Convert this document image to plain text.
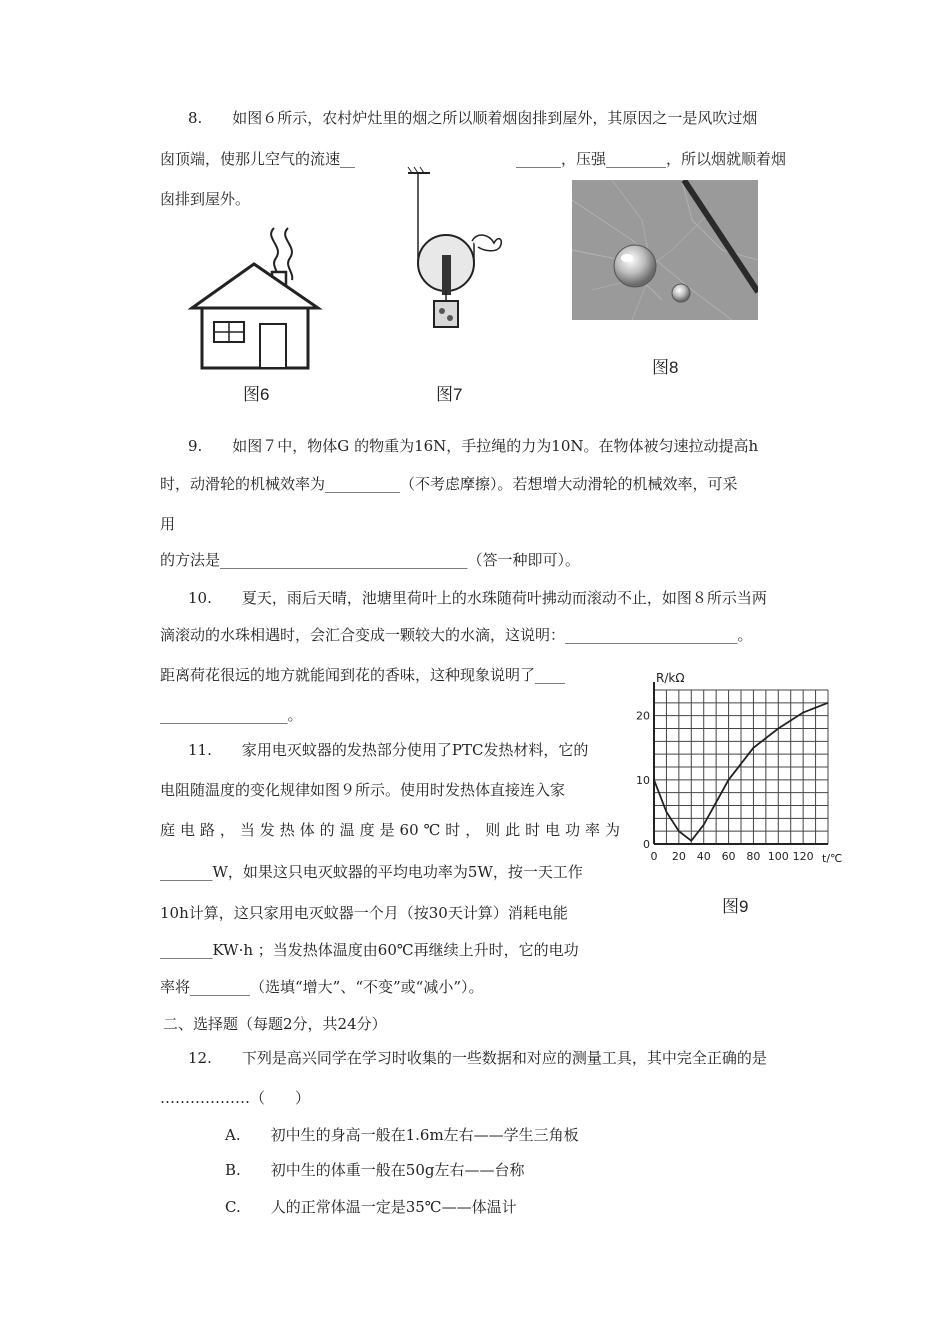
8.　　如图６所示，农村炉灶里的烟之所以顺着烟囱排到屋外，其原因之一是风吹过烟
囱顶端，使那儿空气的流速__	______，压强________，所以烟就顺着烟
囱排到屋外。
图6	图7
图8
9.　　如图７中，物体G 的物重为16N，手拉绳的力为10N。在物体被匀速拉动提高h
时，动滑轮的机械效率为__________（不考虑摩擦）。若想增大动滑轮的机械效率，可采
用
的方法是_________________________________（答一种即可）。
10.　　夏天，雨后天晴，池塘里荷叶上的水珠随荷叶拂动而滚动不止，如图８所示当两
滴滚动的水珠相遇时，会汇合变成一颗较大的水滴，这说明：_______________________。
距离荷花很远的地方就能闻到花的香味，这种现象说明了____
_________________。
0 20 40 60 80 100 120
0
10
20
R/kΩ
t/℃
图9
11.　　家用电灭蚊器的发热部分使用了PTC发热材料，它的
电阻随温度的变化规律如图９所示。使用时发热体直接连入家
庭电路，当发热体的温度是60℃时，则此时电功率为
_______W，如果这只电灭蚊器的平均电功率为5W，按一天工作
10h计算，这只家用电灭蚊器一个月（按30天计算）消耗电能
_______KW·h ；当发热体温度由60℃再继续上升时，它的电功
率将________（选填“增大”、“不变”或“减小”）。
二、选择题（每题2分，共24分）
12.　　下列是高兴同学在学习时收集的一些数据和对应的测量工具，其中完全正确的是
………………（　　）
A.　　初中生的身高一般在1.6m左右——学生三角板
B.　　初中生的体重一般在50g左右——台称
C.　　人的正常体温一定是35℃——体温计
